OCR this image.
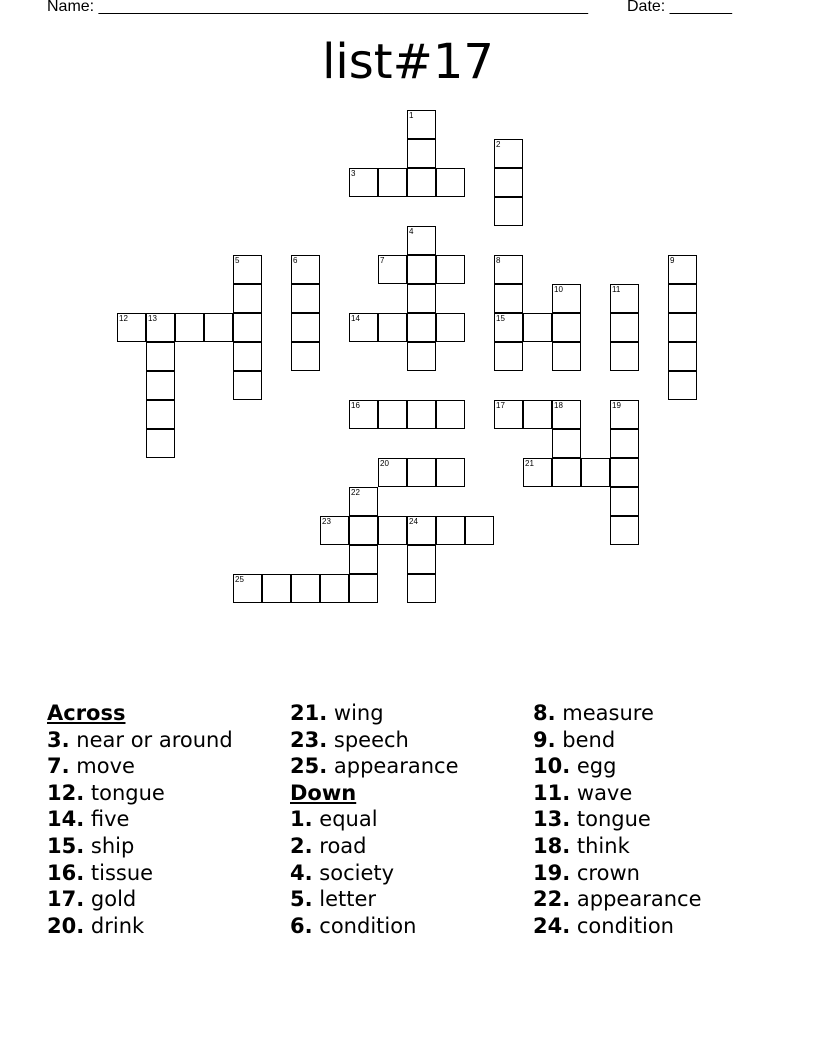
Name: _______________________________________________________ Date: _______
list#17
1
3
2
4
7
14
5	6
12	13
8
15
10	11
9
16	17	18	19
21
20
22
23	24
25
Across
3. near or around
7. move
12. tongue
14. five
15. ship
16. tissue
17. gold
20. drink
21. wing
23. speech
25. appearance
Down
1. equal
2. road
4. society
5. letter
6. condition
8. measure
9. bend
10. egg
11. wave
13. tongue
18. think
19. crown
22. appearance
24. condition
